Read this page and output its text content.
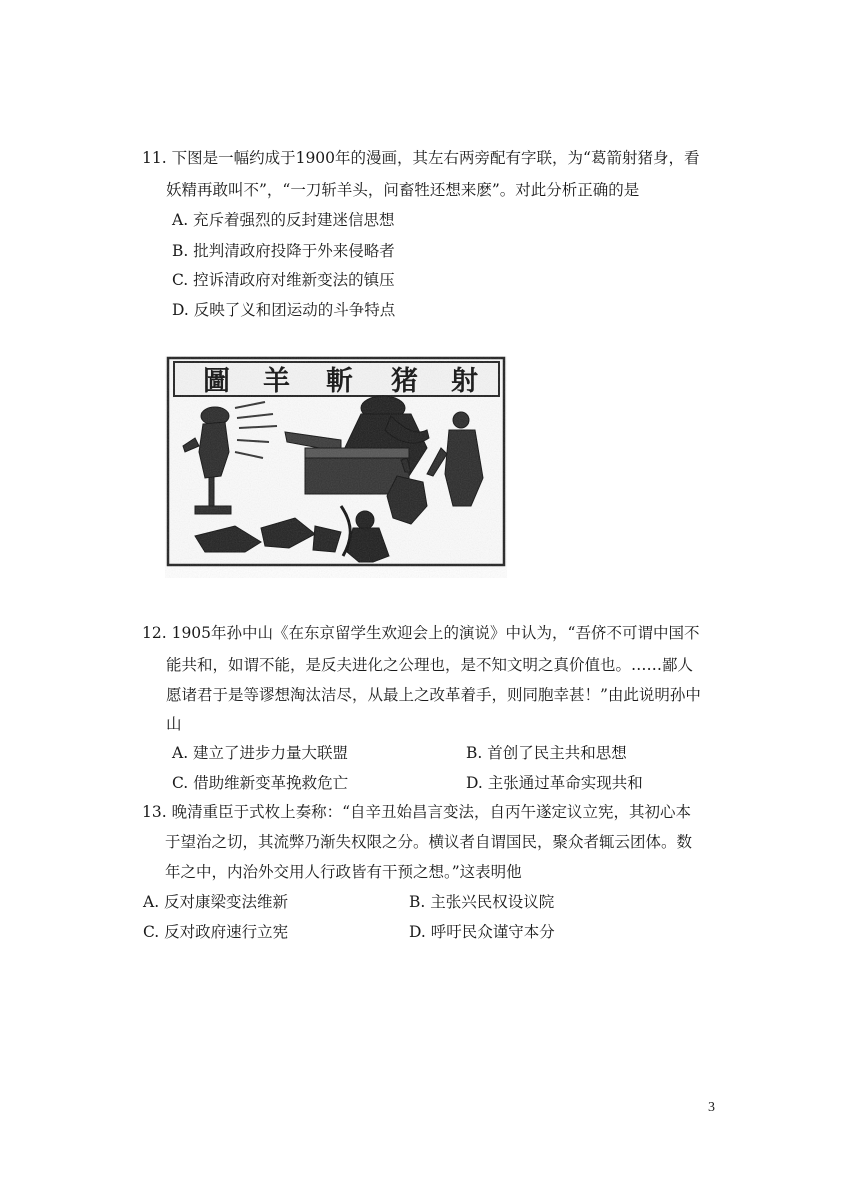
11. 下图是一幅约成于1900年的漫画，其左右两旁配有字联，为“葛箭射猪身，看
妖精再敢叫不”，“一刀斩羊头，问畜牲还想来麽”。对此分析正确的是
A. 充斥着强烈的反封建迷信思想
B. 批判清政府投降于外来侵略者
C. 控诉清政府对维新变法的镇压
D. 反映了义和团运动的斗争特点
12. 1905年孙中山《在东京留学生欢迎会上的演说》中认为，“吾侪不可谓中国不
能共和，如谓不能，是反夫进化之公理也，是不知文明之真价值也。……鄙人
愿诸君于是等谬想淘汰洁尽，从最上之改革着手，则同胞幸甚！”由此说明孙中
山
A. 建立了进步力量大联盟	B. 首创了民主共和思想
C. 借助维新变革挽救危亡	D. 主张通过革命实现共和
13. 晚清重臣于式枚上奏称：“自辛丑始昌言变法，自丙午遂定议立宪，其初心本
于望治之切，其流弊乃渐失权限之分。横议者自谓国民，聚众者辄云团体。数
年之中，内治外交用人行政皆有干预之想。”这表明他
A. 反对康梁变法维新	B. 主张兴民权设议院
C. 反对政府速行立宪	D. 呼吁民众谨守本分
3
